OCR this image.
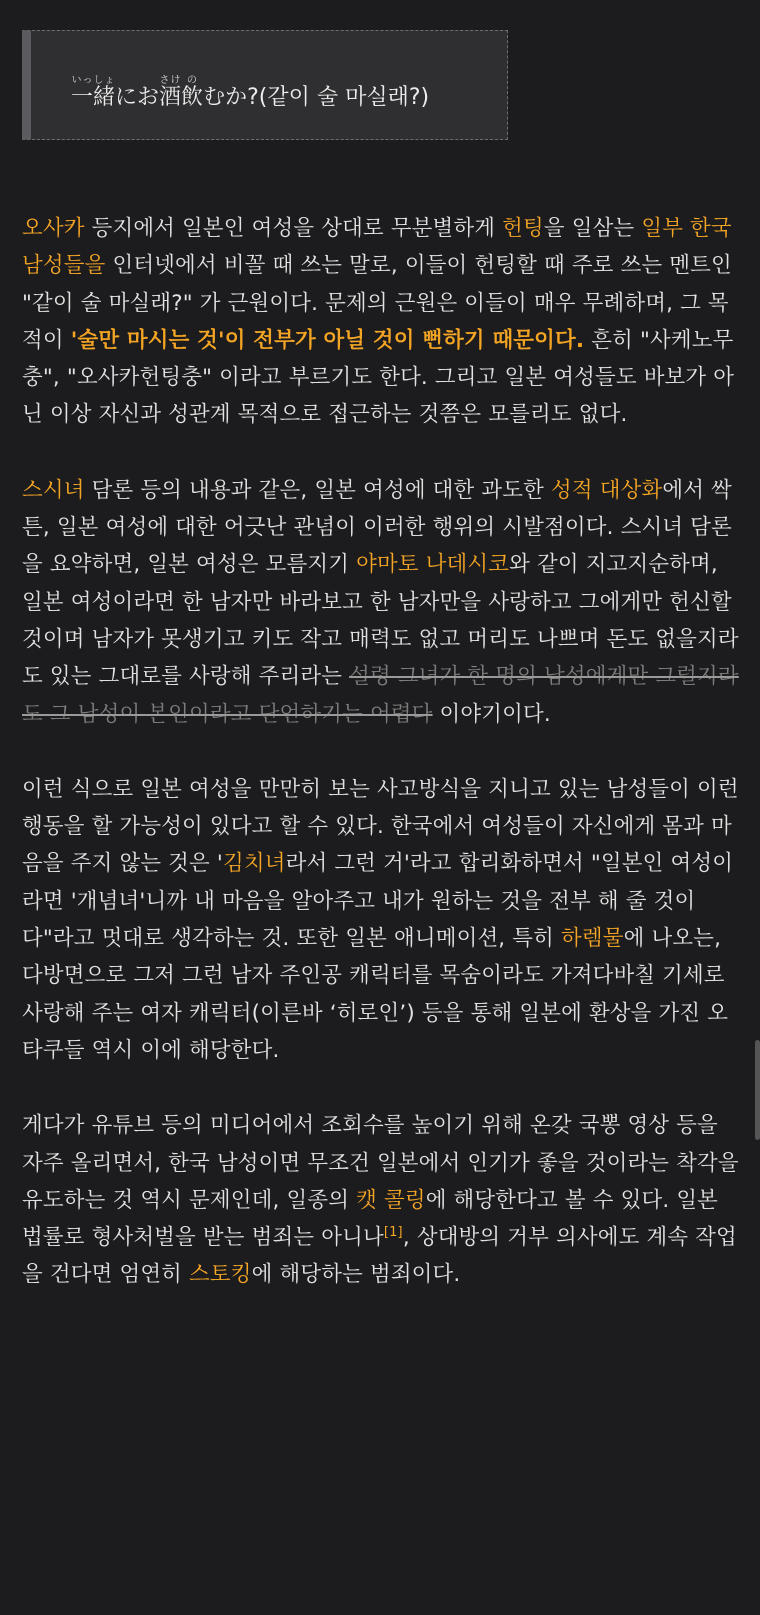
一緒いっしょにお酒さけ飲のむか?(같이 술 마실래?)

오사카 등지에서 일본인 여성을 상대로 무분별하게 헌팅을 일삼는 일부 한국 남성들을 인터넷에서 비꼴 때 쓰는 말로, 이들이 헌팅할 때 주로 쓰는 멘트인 "같이 술 마실래?" 가 근원이다. 문제의 근원은 이들이 매우 무례하며, 그 목적이 '술만 마시는 것'이 전부가 아닐 것이 뻔하기 때문이다. 흔히 "사케노무충", "오사카헌팅충" 이라고 부르기도 한다. 그리고 일본 여성들도 바보가 아닌 이상 자신과 성관계 목적으로 접근하는 것쯤은 모를리도 없다.

스시녀 담론 등의 내용과 같은, 일본 여성에 대한 과도한 성적 대상화에서 싹튼, 일본 여성에 대한 어긋난 관념이 이러한 행위의 시발점이다. 스시녀 담론을 요약하면, 일본 여성은 모름지기 야마토 나데시코와 같이 지고지순하며, 일본 여성이라면 한 남자만 바라보고 한 남자만을 사랑하고 그에게만 헌신할 것이며 남자가 못생기고 키도 작고 매력도 없고 머리도 나쁘며 돈도 없을지라도 있는 그대로를 사랑해 주리라는 설령 그녀가 한 명의 남성에게만 그럴지라도 그 남성이 본인이라고 단언하기는 어렵다 이야기이다.

이런 식으로 일본 여성을 만만히 보는 사고방식을 지니고 있는 남성들이 이런 행동을 할 가능성이 있다고 할 수 있다. 한국에서 여성들이 자신에게 몸과 마음을 주지 않는 것은 '김치녀라서 그런 거'라고 합리화하면서 "일본인 여성이라면 '개념녀'니까 내 마음을 알아주고 내가 원하는 것을 전부 해 줄 것이다"라고 멋대로 생각하는 것. 또한 일본 애니메이션, 특히 하렘물에 나오는, 다방면으로 그저 그런 남자 주인공 캐릭터를 목숨이라도 가져다바칠 기세로 사랑해 주는 여자 캐릭터(이른바 ‘히로인’) 등을 통해 일본에 환상을 가진 오타쿠들 역시 이에 해당한다.

게다가 유튜브 등의 미디어에서 조회수를 높이기 위해 온갖 국뽕 영상 등을 자주 올리면서, 한국 남성이면 무조건 일본에서 인기가 좋을 것이라는 착각을 유도하는 것 역시 문제인데, 일종의 캣 콜링에 해당한다고 볼 수 있다. 일본 법률로 형사처벌을 받는 범죄는 아니나[1], 상대방의 거부 의사에도 계속 작업을 건다면 엄연히 스토킹에 해당하는 범죄이다.
